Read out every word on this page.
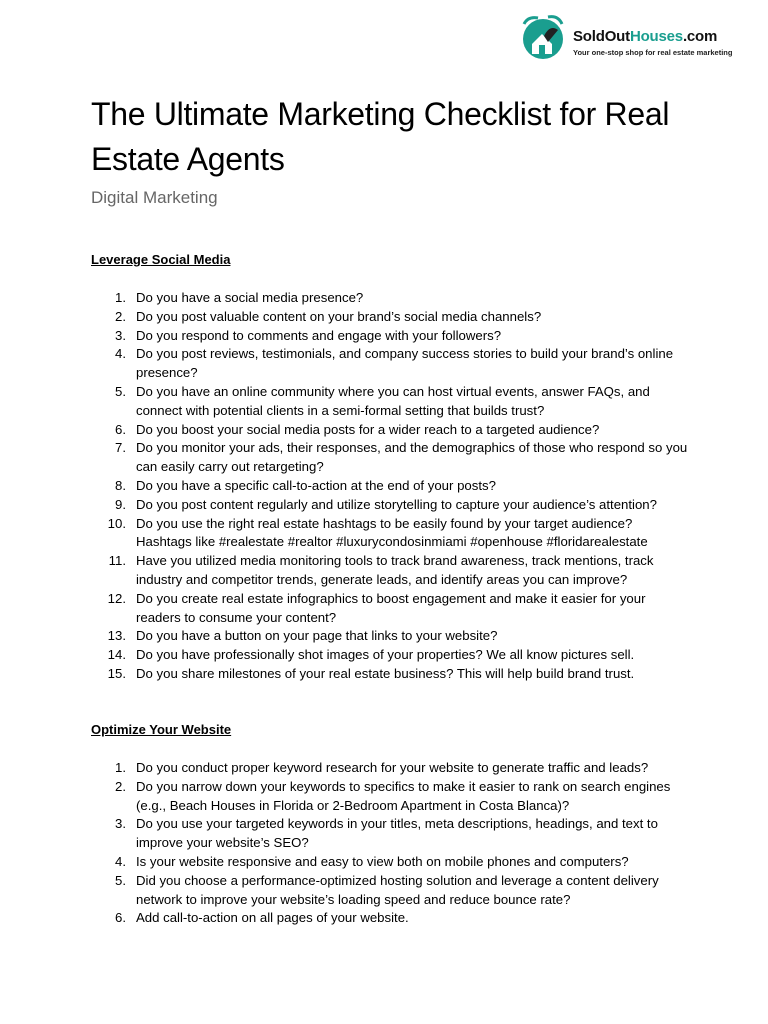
SoldOutHouses.com
Your one-stop shop for real estate marketing
The Ultimate Marketing Checklist for Real Estate Agents

Digital Marketing

Leverage Social Media
1. Do you have a social media presence?
2. Do you post valuable content on your brand’s social media channels?
3. Do you respond to comments and engage with your followers?
4. Do you post reviews, testimonials, and company success stories to build your brand’s online presence?
5. Do you have an online community where you can host virtual events, answer FAQs, and connect with potential clients in a semi-formal setting that builds trust?
6. Do you boost your social media posts for a wider reach to a targeted audience?
7. Do you monitor your ads, their responses, and the demographics of those who respond so you can easily carry out retargeting?
8. Do you have a specific call-to-action at the end of your posts?
9. Do you post content regularly and utilize storytelling to capture your audience’s attention?
10. Do you use the right real estate hashtags to be easily found by your target audience? Hashtags like #realestate #realtor #luxurycondosinmiami #openhouse #floridarealestate
11. Have you utilized media monitoring tools to track brand awareness, track mentions, track industry and competitor trends, generate leads, and identify areas you can improve?
12. Do you create real estate infographics to boost engagement and make it easier for your readers to consume your content?
13. Do you have a button on your page that links to your website?
14. Do you have professionally shot images of your properties? We all know pictures sell.
15. Do you share milestones of your real estate business? This will help build brand trust.
Optimize Your Website
1. Do you conduct proper keyword research for your website to generate traffic and leads?
2. Do you narrow down your keywords to specifics to make it easier to rank on search engines (e.g., Beach Houses in Florida or 2-Bedroom Apartment in Costa Blanca)?
3. Do you use your targeted keywords in your titles, meta descriptions, headings, and text to improve your website’s SEO?
4. Is your website responsive and easy to view both on mobile phones and computers?
5. Did you choose a performance-optimized hosting solution and leverage a content delivery network to improve your website’s loading speed and reduce bounce rate?
6. Add call-to-action on all pages of your website.
